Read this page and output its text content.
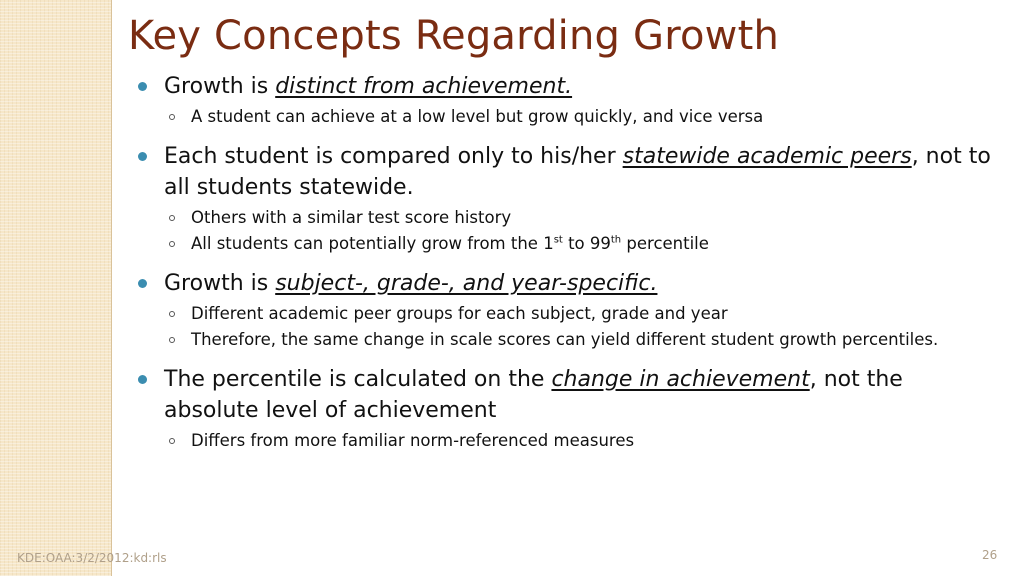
Key Concepts Regarding Growth
Growth is distinct from achievement.
A student can achieve at a low level but grow quickly, and vice versa
Each student is compared only to his/her statewide academic peers, not to all students statewide.
Others with a similar test score history
All students can potentially grow from the 1st to 99th percentile
Growth is subject-, grade-, and year-specific.
Different academic peer groups for each subject, grade and year
Therefore, the same change in scale scores can yield different student growth percentiles.
The percentile is calculated on the change in achievement, not the absolute level of achievement
Differs from more familiar norm-referenced measures
KDE:OAA:3/2/2012:kd:rls	26
